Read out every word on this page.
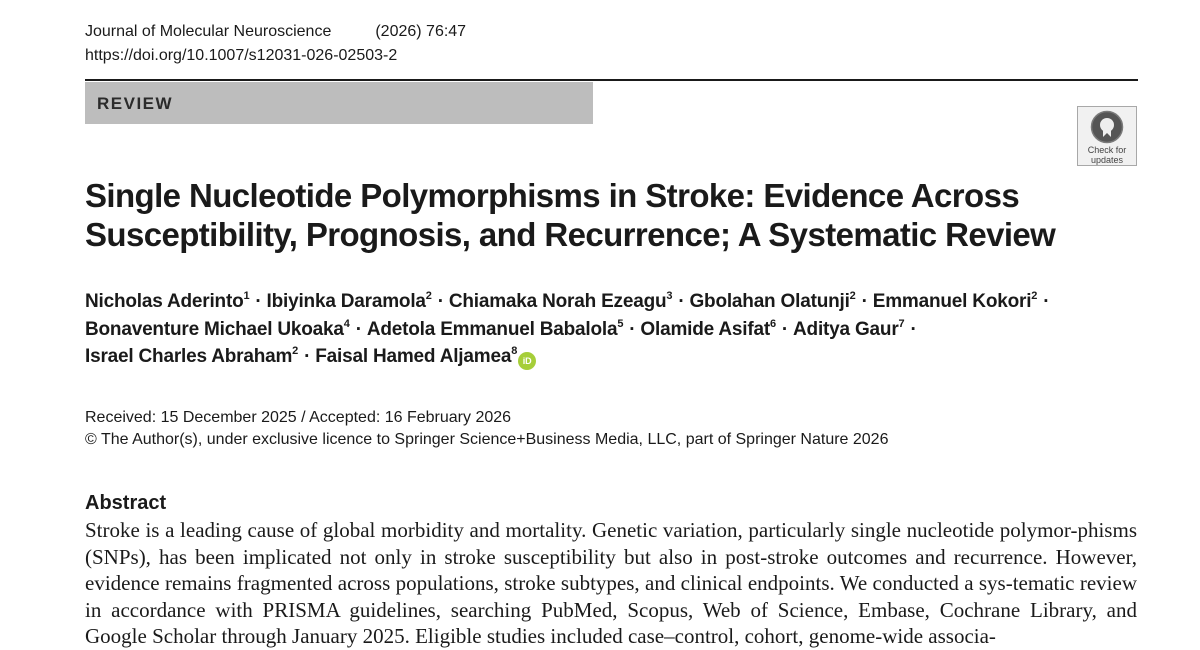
Journal of Molecular Neuroscience	(2026) 76:47
https://doi.org/10.1007/s12031-026-02503-2
REVIEW
Check for
updates
Single Nucleotide Polymorphisms in Stroke: Evidence Across Susceptibility, Prognosis, and Recurrence; A Systematic Review
Nicholas Aderinto$^1$ · Ibiyinka Daramola$^2$ · Chiamaka Norah Ezeagu$^3$ · Gbolahan Olatunji$^2$ · Emmanuel Kokori$^2$ ·
Bonaventure Michael Ukoaka$^4$ · Adetola Emmanuel Babalola$^5$ · Olamide Asifat$^6$ · Aditya Gaur$^7$ ·
Israel Charles Abraham$^2$ · Faisal Hamed Aljamea$^8$iD
Received: 15 December 2025 / Accepted: 16 February 2026
© The Author(s), under exclusive licence to Springer Science+Business Media, LLC, part of Springer Nature 2026
Abstract
Stroke is a leading cause of global morbidity and mortality. Genetic variation, particularly single nucleotide polymor-phisms (SNPs), has been implicated not only in stroke susceptibility but also in post-stroke outcomes and recurrence. However, evidence remains fragmented across populations, stroke subtypes, and clinical endpoints. We conducted a sys-tematic review in accordance with PRISMA guidelines, searching PubMed, Scopus, Web of Science, Embase, Cochrane Library, and Google Scholar through January 2025. Eligible studies included case–control, cohort, genome-wide associa-
